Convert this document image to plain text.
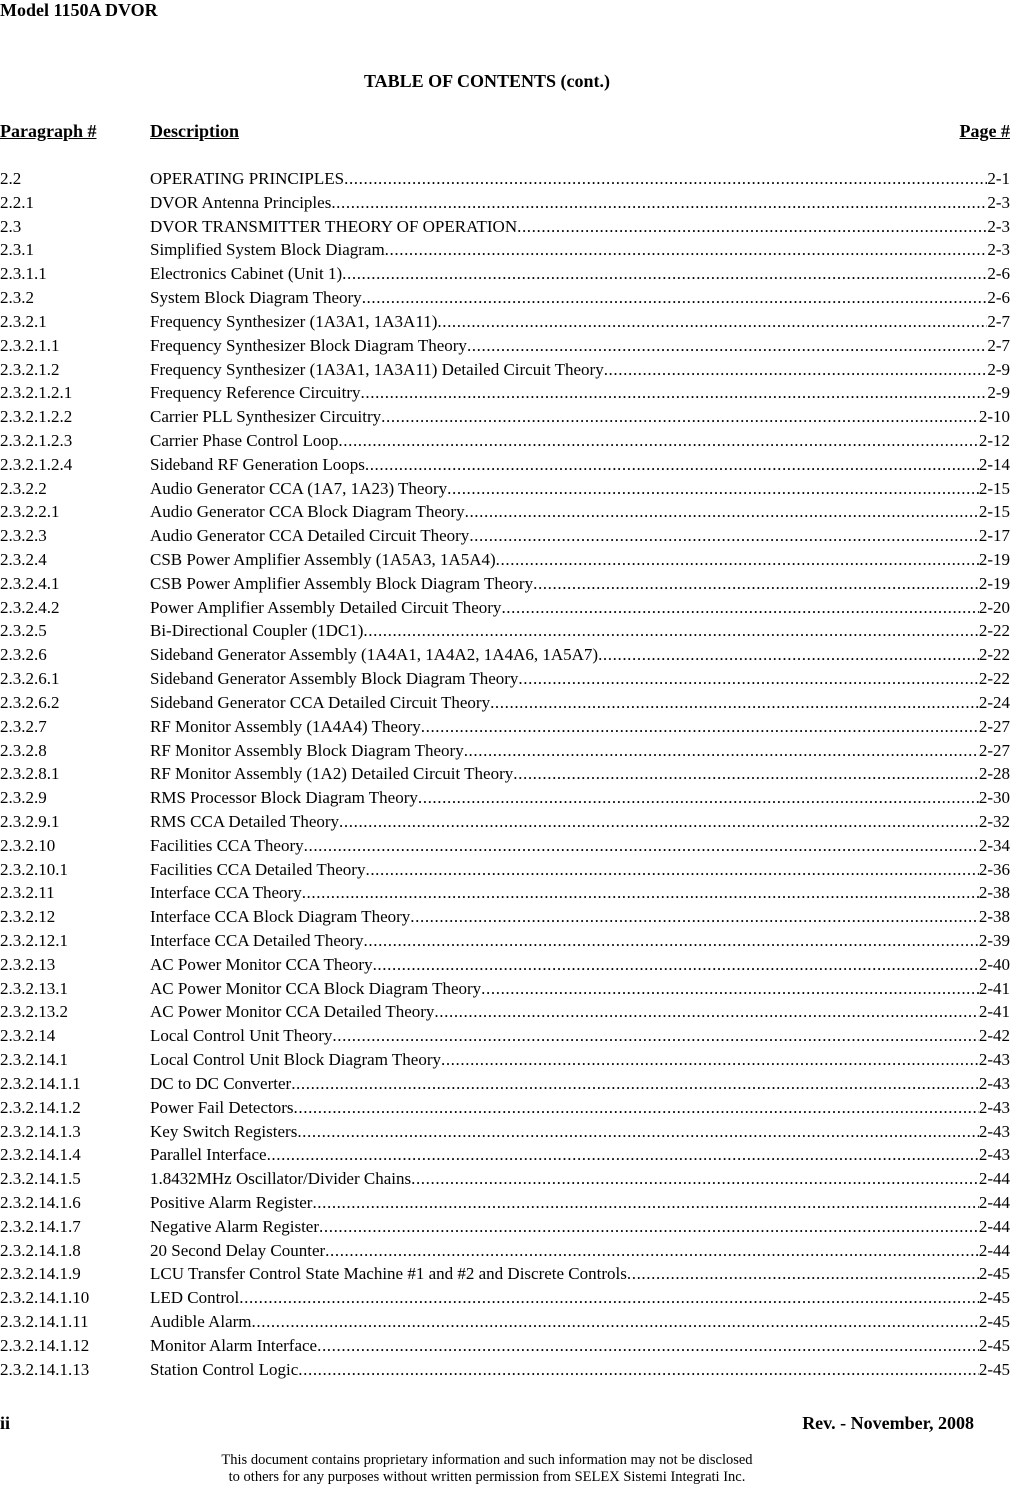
Model 1150A DVOR
TABLE OF CONTENTS (cont.)
Paragraph #	Description	Page #
2.2	OPERATING PRINCIPLES .....	2-1
2.2.1	DVOR Antenna Principles .....	2-3
2.3	DVOR TRANSMITTER THEORY OF OPERATION .....	2-3
2.3.1	Simplified System Block Diagram .....	2-3
2.3.1.1	Electronics Cabinet (Unit 1) .....	2-6
2.3.2	System Block Diagram Theory .....	2-6
2.3.2.1	Frequency Synthesizer (1A3A1, 1A3A11) .....	2-7
2.3.2.1.1	Frequency Synthesizer Block Diagram Theory .....	2-7
2.3.2.1.2	Frequency Synthesizer (1A3A1, 1A3A11) Detailed Circuit Theory .....	2-9
2.3.2.1.2.1	Frequency Reference Circuitry .....	2-9
2.3.2.1.2.2	Carrier PLL Synthesizer Circuitry .....	2-10
2.3.2.1.2.3	Carrier Phase Control Loop .....	2-12
2.3.2.1.2.4	Sideband RF Generation Loops .....	2-14
2.3.2.2	Audio Generator CCA (1A7, 1A23) Theory .....	2-15
2.3.2.2.1	Audio Generator CCA Block Diagram Theory .....	2-15
2.3.2.3	Audio Generator CCA Detailed Circuit Theory .....	2-17
2.3.2.4	CSB Power Amplifier Assembly (1A5A3, 1A5A4) .....	2-19
2.3.2.4.1	CSB Power Amplifier Assembly Block Diagram Theory .....	2-19
2.3.2.4.2	Power Amplifier Assembly Detailed Circuit Theory .....	2-20
2.3.2.5	Bi-Directional Coupler (1DC1) .....	2-22
2.3.2.6	Sideband Generator Assembly (1A4A1, 1A4A2, 1A4A6, 1A5A7) .....	2-22
2.3.2.6.1	Sideband Generator Assembly Block Diagram Theory .....	2-22
2.3.2.6.2	Sideband Generator CCA Detailed Circuit Theory .....	2-24
2.3.2.7	RF Monitor Assembly (1A4A4) Theory .....	2-27
2.3.2.8	RF Monitor Assembly Block Diagram Theory .....	2-27
2.3.2.8.1	RF Monitor Assembly (1A2) Detailed Circuit Theory .....	2-28
2.3.2.9	RMS Processor Block Diagram Theory .....	2-30
2.3.2.9.1	RMS CCA Detailed Theory .....	2-32
2.3.2.10	Facilities CCA Theory .....	2-34
2.3.2.10.1	Facilities CCA Detailed Theory .....	2-36
2.3.2.11	Interface CCA Theory .....	2-38
2.3.2.12	Interface CCA Block Diagram Theory .....	2-38
2.3.2.12.1	Interface CCA Detailed Theory .....	2-39
2.3.2.13	AC Power Monitor CCA Theory .....	2-40
2.3.2.13.1	AC Power Monitor CCA Block Diagram Theory .....	2-41
2.3.2.13.2	AC Power Monitor CCA Detailed Theory .....	2-41
2.3.2.14	Local Control Unit Theory .....	2-42
2.3.2.14.1	Local Control Unit Block Diagram Theory .....	2-43
2.3.2.14.1.1	DC to DC Converter .....	2-43
2.3.2.14.1.2	Power Fail Detectors .....	2-43
2.3.2.14.1.3	Key Switch Registers .....	2-43
2.3.2.14.1.4	Parallel Interface .....	2-43
2.3.2.14.1.5	1.8432MHz Oscillator/Divider Chains .....	2-44
2.3.2.14.1.6	Positive Alarm Register .....	2-44
2.3.2.14.1.7	Negative Alarm Register .....	2-44
2.3.2.14.1.8	20 Second Delay Counter .....	2-44
2.3.2.14.1.9	LCU Transfer Control State Machine #1 and #2 and Discrete Controls .....	2-45
2.3.2.14.1.10	LED Control .....	2-45
2.3.2.14.1.11	Audible Alarm .....	2-45
2.3.2.14.1.12	Monitor Alarm Interface .....	2-45
2.3.2.14.1.13	Station Control Logic .....	2-45
ii	Rev. - November, 2008
This document contains proprietary information and such information may not be disclosed
to others for any purposes without written permission from SELEX Sistemi Integrati Inc.
